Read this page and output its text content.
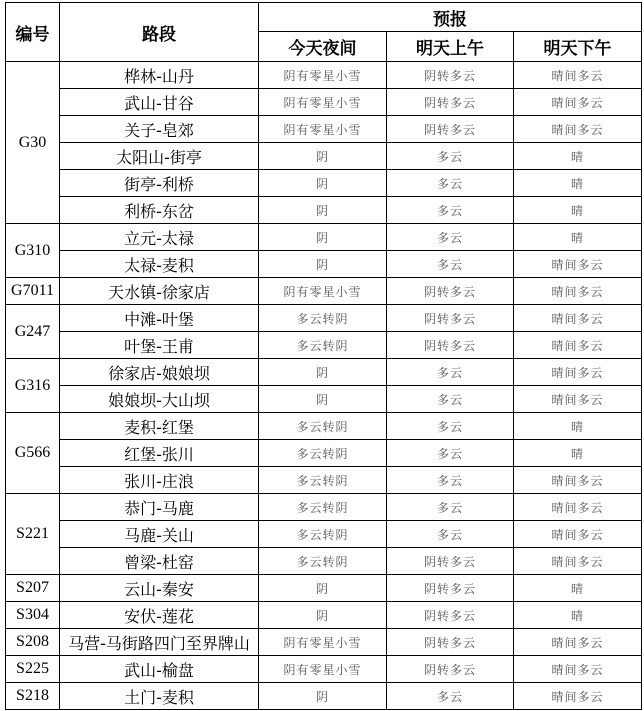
编号	路段	预报		
		今天夜间	明天上午	明天下午
G30	桦林-山丹	阴有零星小雪	阴转多云	晴间多云
	武山-甘谷	阴有零星小雪	阴转多云	晴间多云
	关子-皂郊	阴有零星小雪	阴转多云	晴间多云
	太阳山-街亭	阴	多云	晴
	街亭-利桥	阴	多云	晴
	利桥-东岔	阴	多云	晴
G310	立元-太禄	阴	多云	晴
	太禄-麦积	阴	多云	晴间多云
G7011	天水镇-徐家店	阴有零星小雪	阴转多云	晴间多云
G247	中滩-叶堡	多云转阴	阴转多云	晴间多云
	叶堡-王甫	多云转阴	阴转多云	晴间多云
G316	徐家店-娘娘坝	阴	多云	晴间多云
	娘娘坝-大山坝	阴	多云	晴间多云
G566	麦积-红堡	多云转阴	多云	晴
	红堡-张川	多云转阴	多云	晴
	张川-庄浪	多云转阴	多云	晴间多云
S221	恭门-马鹿	多云转阴	多云	晴间多云
	马鹿-关山	多云转阴	多云	晴间多云
	曾梁-杜窑	多云转阴	阴转多云	晴间多云
S207	云山-秦安	阴	阴转多云	晴
S304	安伏-莲花	阴	阴转多云	晴
S208	马营-马街路四门至界牌山	阴有零星小雪	阴转多云	晴间多云
S225	武山-榆盘	阴有零星小雪	阴转多云	晴间多云
S218	土门-麦积	阴	多云	晴间多云
